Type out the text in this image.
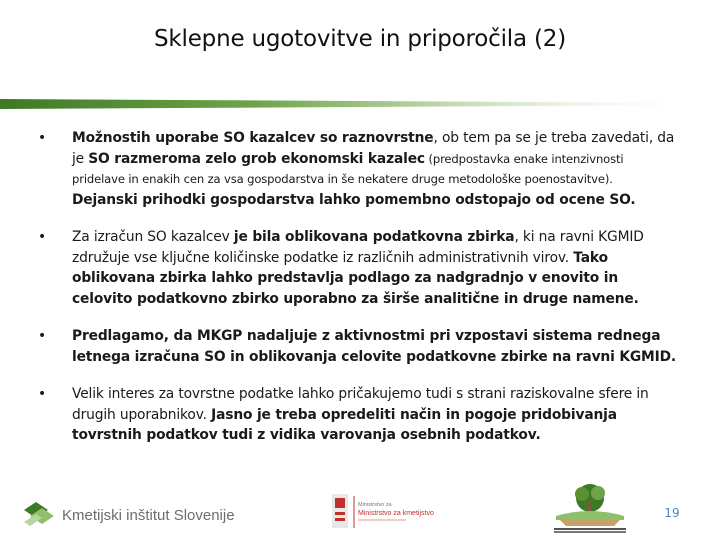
Sklepne ugotovitve in priporočila (2)
•	Možnostih uporabe SO kazalcev so raznovrstne, ob tem pa se je treba zavedati, da je SO razmeroma zelo grob ekonomski kazalec (predpostavka enake intenzivnosti pridelave in enakih cen za vsa gospodarstva in še nekatere druge metodološke poenostavitve). Dejanski prihodki gospodarstva lahko pomembno odstopajo od ocene SO.
•	Za izračun SO kazalcev je bila oblikovana podatkovna zbirka, ki na ravni KGMID združuje vse ključne količinske podatke iz različnih administrativnih virov. Tako oblikovana zbirka lahko predstavlja podlago za nadgradnjo v enovito in celovito podatkovno zbirko uporabno za širše analitične in druge namene.
•	Predlagamo, da MKGP nadaljuje z aktivnostmi pri vzpostavi sistema rednega letnega izračuna SO in oblikovanja celovite podatkovne zbirke na ravni KGMID.
•	Velik interes za tovrstne podatke lahko pričakujemo tudi s strani raziskovalne sfere in drugih uporabnikov. Jasno je treba opredeliti način in pogoje pridobivanja tovrstnih podatkov tudi z vidika varovanja osebnih podatkov.
Kmetijski inštitut Slovenije
Ministrstvo za
Ministrstvo za kmetijstvo	19
